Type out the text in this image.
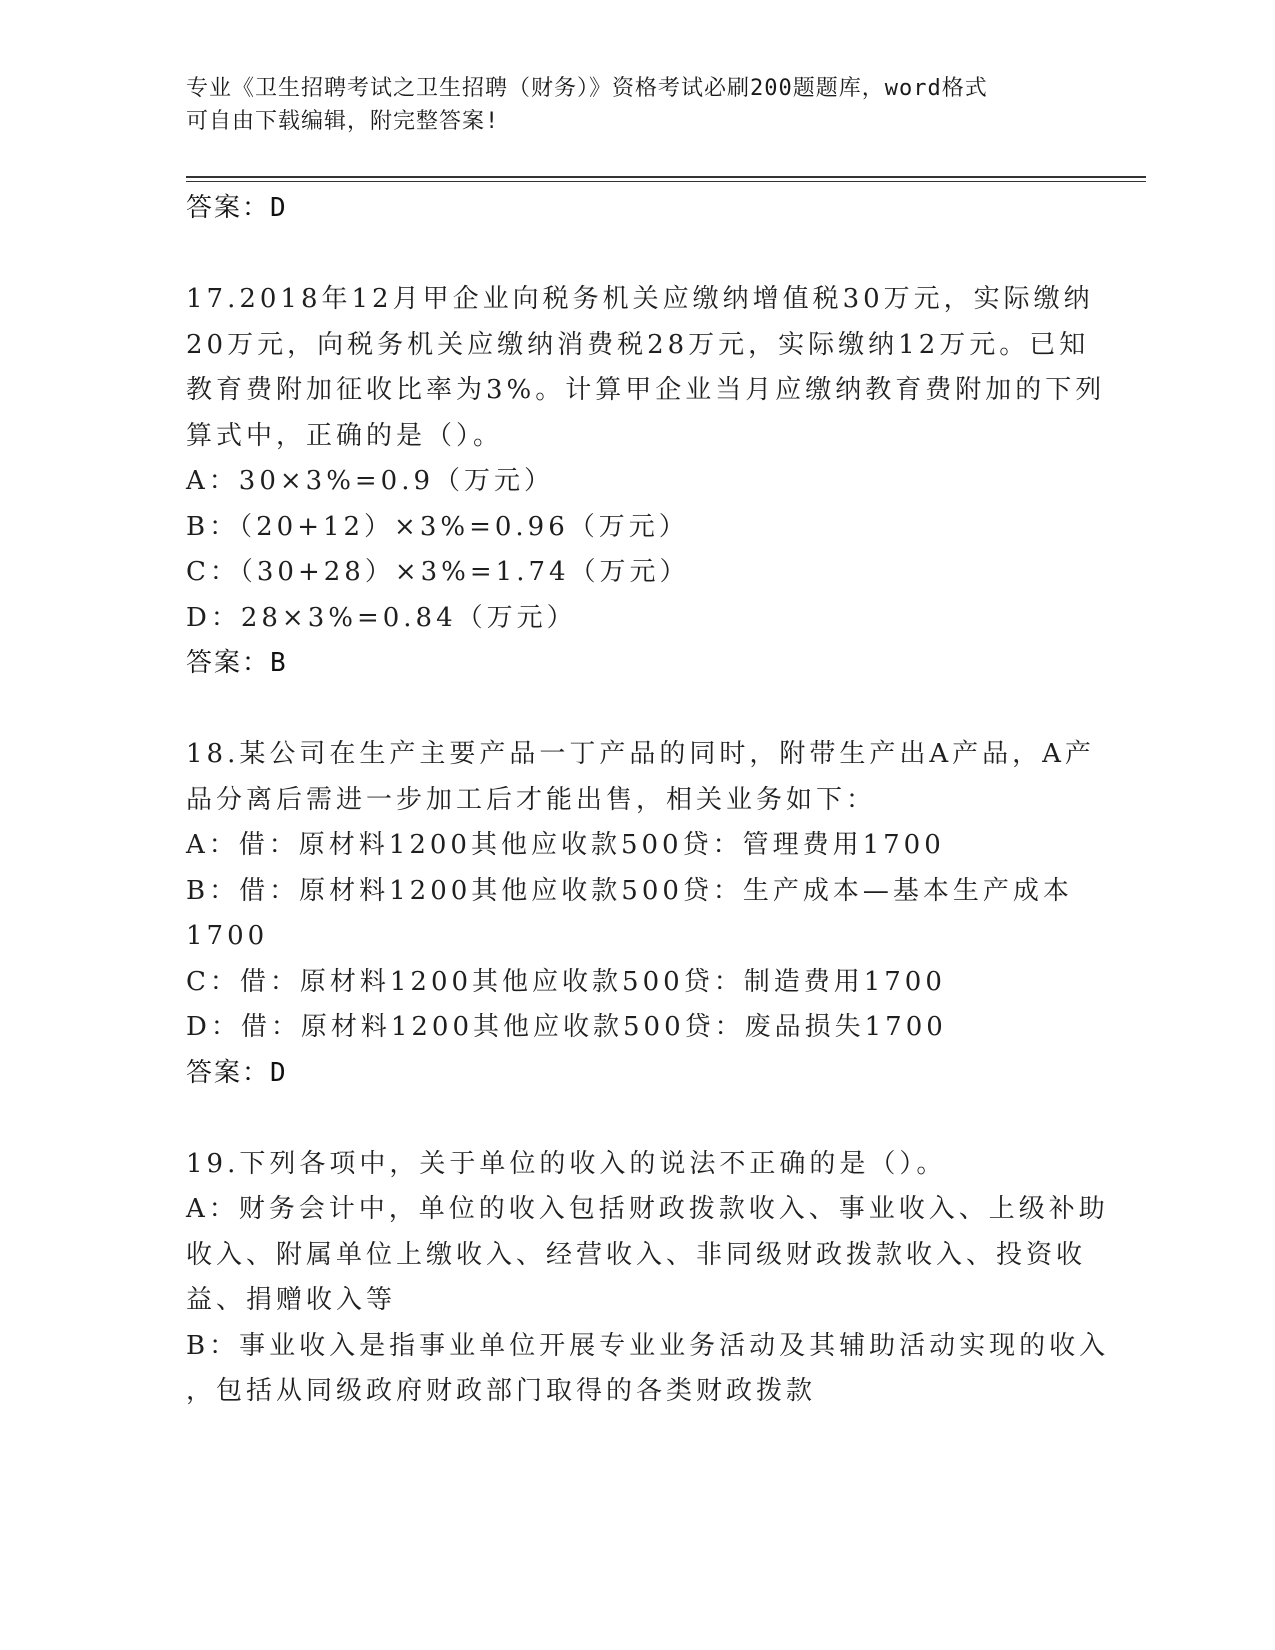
专业《卫生招聘考试之卫生招聘（财务）》资格考试必刷200题题库，word格式
可自由下载编辑，附完整答案!
答案：D
17.2018年12月甲企业向税务机关应缴纳增值税30万元，实际缴纳
20万元，向税务机关应缴纳消费税28万元，实际缴纳12万元。已知
教育费附加征收比率为3%。计算甲企业当月应缴纳教育费附加的下列
算式中，正确的是（）。
A：30×3%=0.9（万元）
B：（20+12）×3%=0.96（万元）
C：（30+28）×3%=1.74（万元）
D：28×3%=0.84（万元）
答案：B
18.某公司在生产主要产品一丁产品的同时，附带生产出A产品，A产
品分离后需进一步加工后才能出售，相关业务如下：
A：借：原材料1200其他应收款500贷：管理费用1700
B：借：原材料1200其他应收款500贷：生产成本—基本生产成本
1700
C：借：原材料1200其他应收款500贷：制造费用1700
D：借：原材料1200其他应收款500贷：废品损失1700
答案：D
19.下列各项中，关于单位的收入的说法不正确的是（）。
A：财务会计中，单位的收入包括财政拨款收入、事业收入、上级补助
收入、附属单位上缴收入、经营收入、非同级财政拨款收入、投资收
益、捐赠收入等
B：事业收入是指事业单位开展专业业务活动及其辅助活动实现的收入
，包括从同级政府财政部门取得的各类财政拨款
